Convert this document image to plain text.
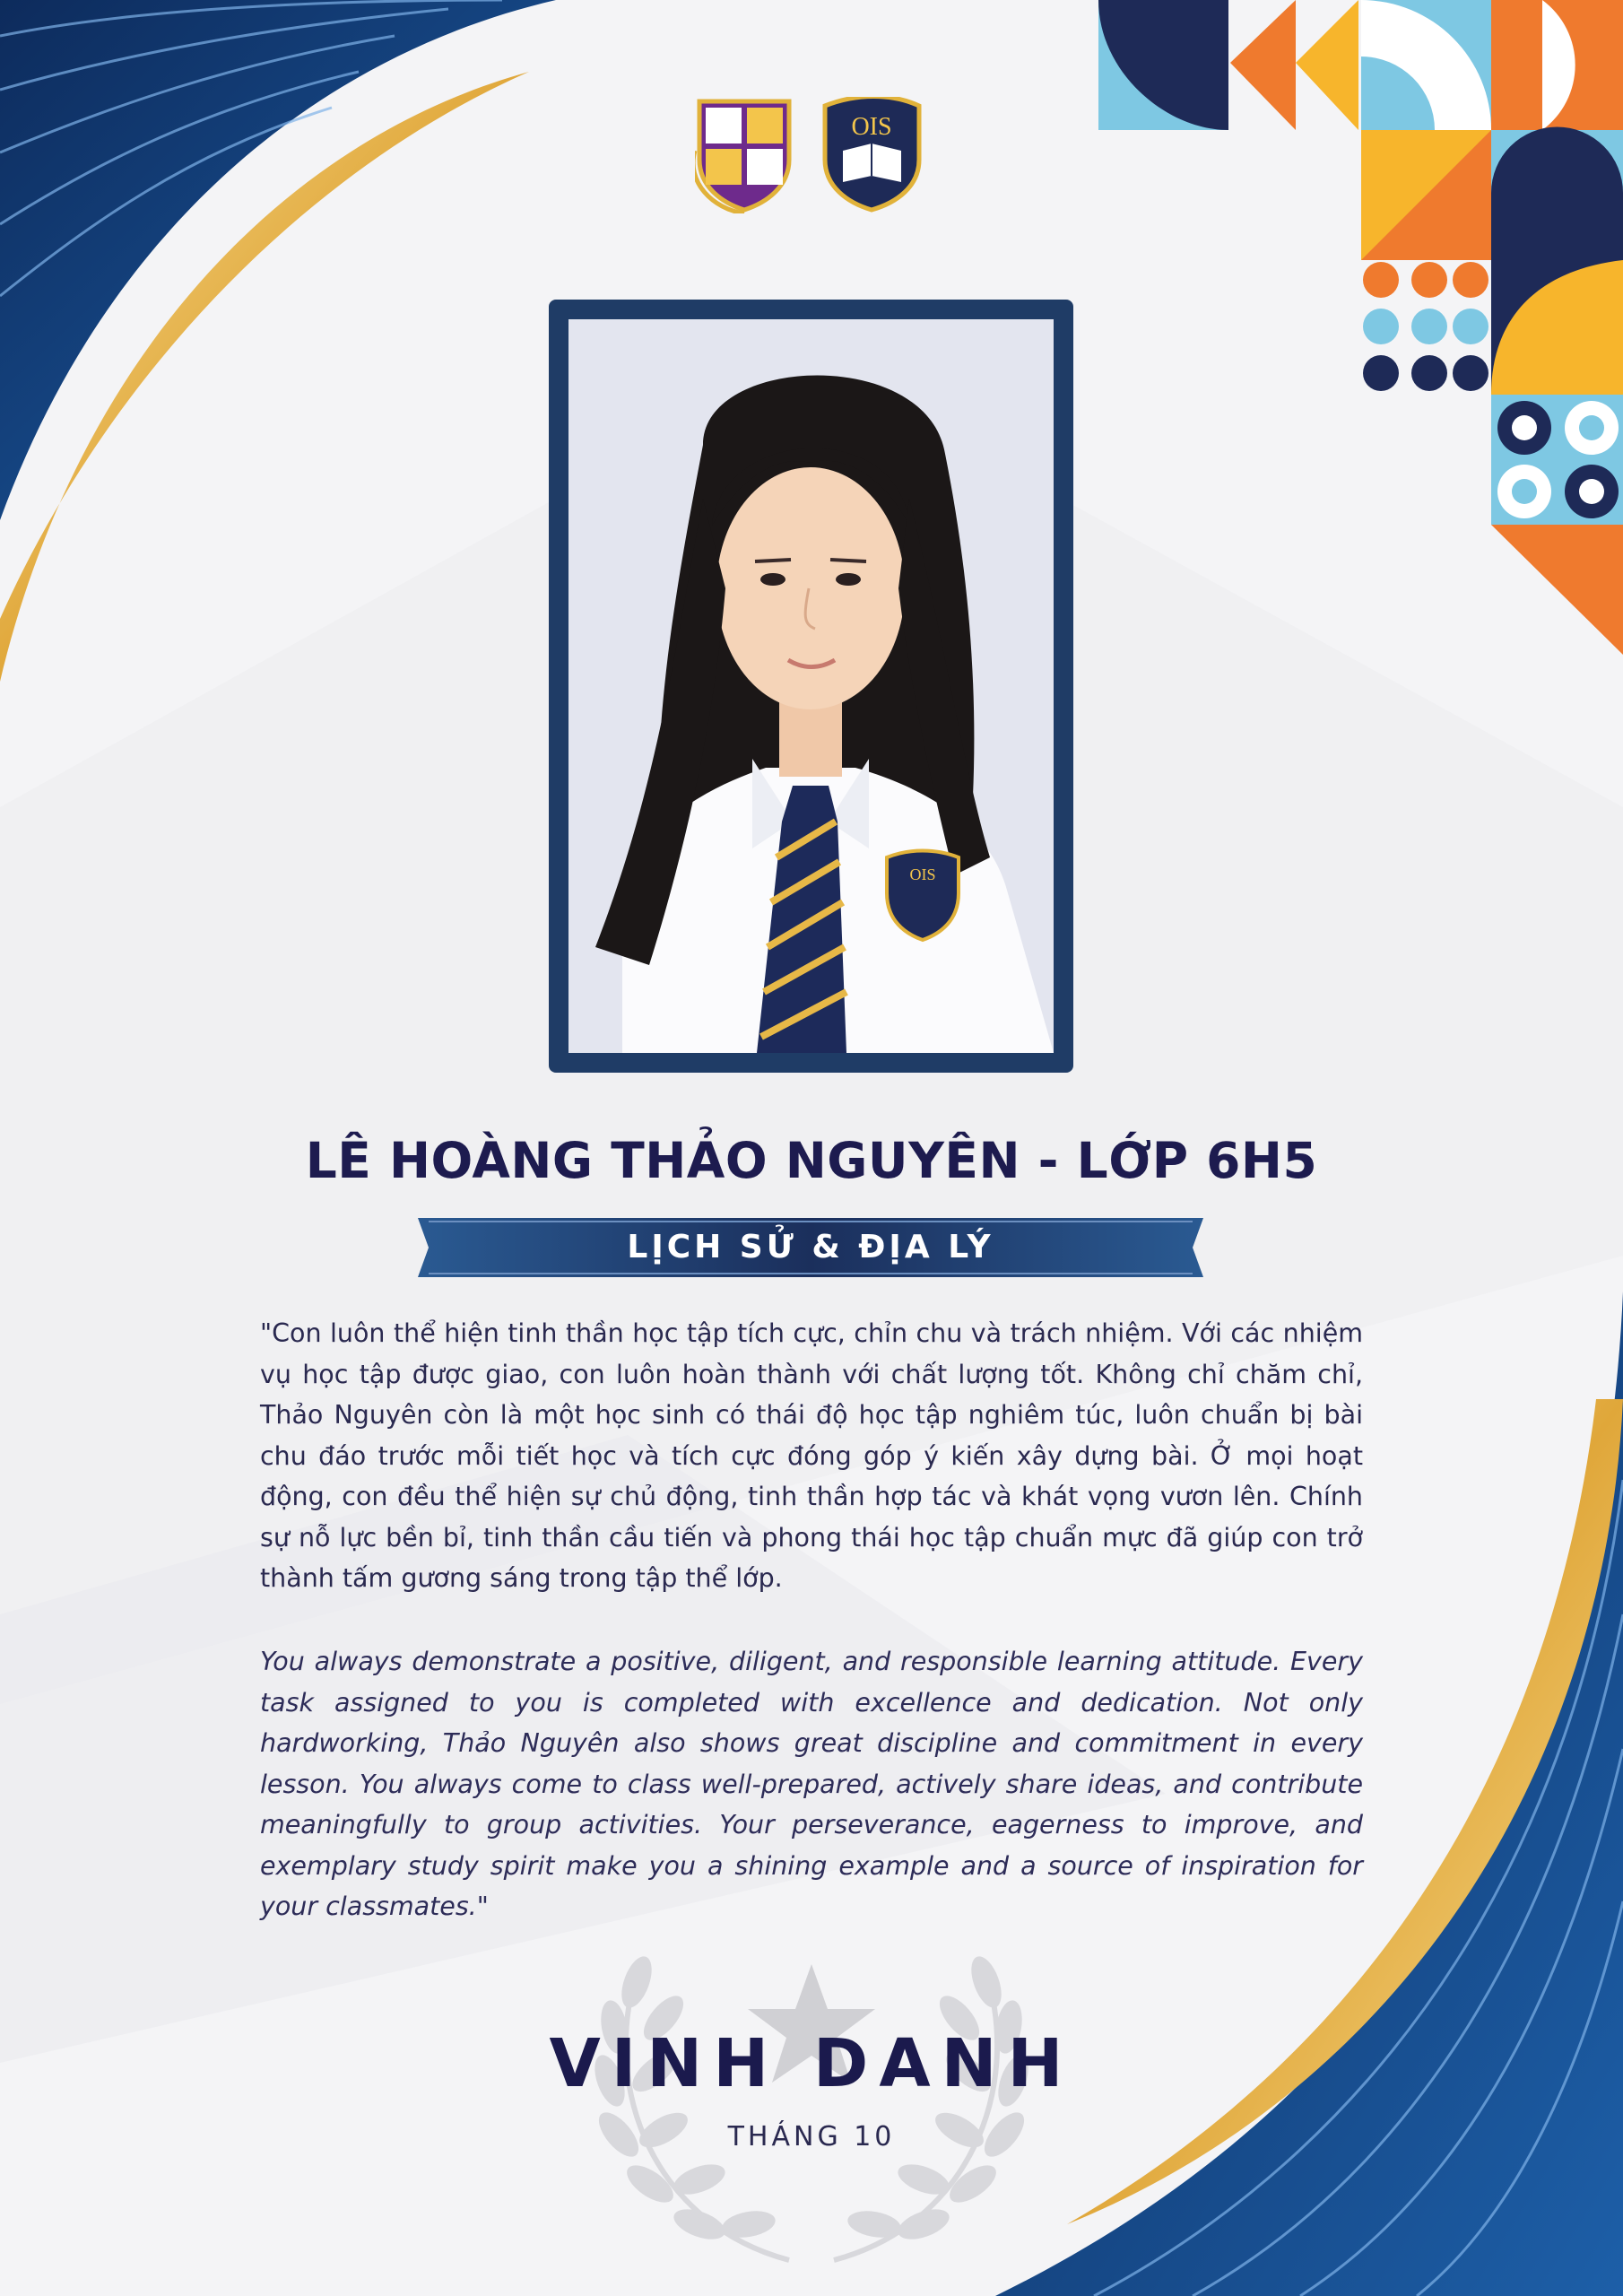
OIS
OIS
LÊ HOÀNG THẢO NGUYÊN - LỚP 6H5
LỊCH SỬ & ĐỊA LÝ

"Con luôn thể hiện tinh thần học tập tích cực, chỉn chu và trách nhiệm. Với các nhiệm vụ học tập được giao, con luôn hoàn thành với chất lượng tốt. Không chỉ chăm chỉ, Thảo Nguyên còn là một học sinh có thái độ học tập nghiêm túc, luôn chuẩn bị bài chu đáo trước mỗi tiết học và tích cực đóng góp ý kiến xây dựng bài. Ở mọi hoạt động, con đều thể hiện sự chủ động, tinh thần hợp tác và khát vọng vươn lên. Chính sự nỗ lực bền bỉ, tinh thần cầu tiến và phong thái học tập chuẩn mực đã giúp con trở thành tấm gương sáng trong tập thể lớp.

You always demonstrate a positive, diligent, and responsible learning attitude. Every task assigned to you is completed with excellence and dedication. Not only hardworking, Thảo Nguyên also shows great discipline and commitment in every lesson. You always come to class well-prepared, actively share ideas, and contribute meaningfully to group activities. Your perseverance, eagerness to improve, and exemplary study spirit make you a shining example and a source of inspiration for your classmates."

VINH DANH
THÁNG 10
